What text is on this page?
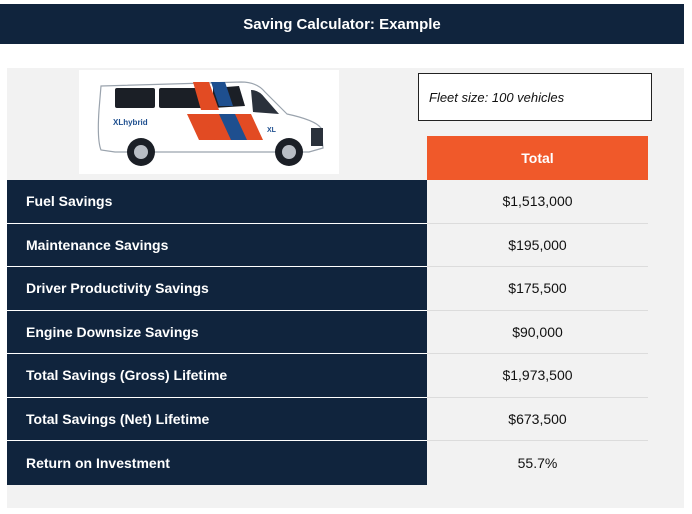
Saving Calculator: Example
XLhybrid
XL
Fleet size: 100 vehicles
Total
Fuel Savings	$1,513,000
Maintenance Savings	$195,000
Driver Productivity Savings	$175,500
Engine Downsize Savings	$90,000
Total Savings (Gross) Lifetime	$1,973,500
Total Savings (Net) Lifetime	$673,500
Return on Investment	55.7%
